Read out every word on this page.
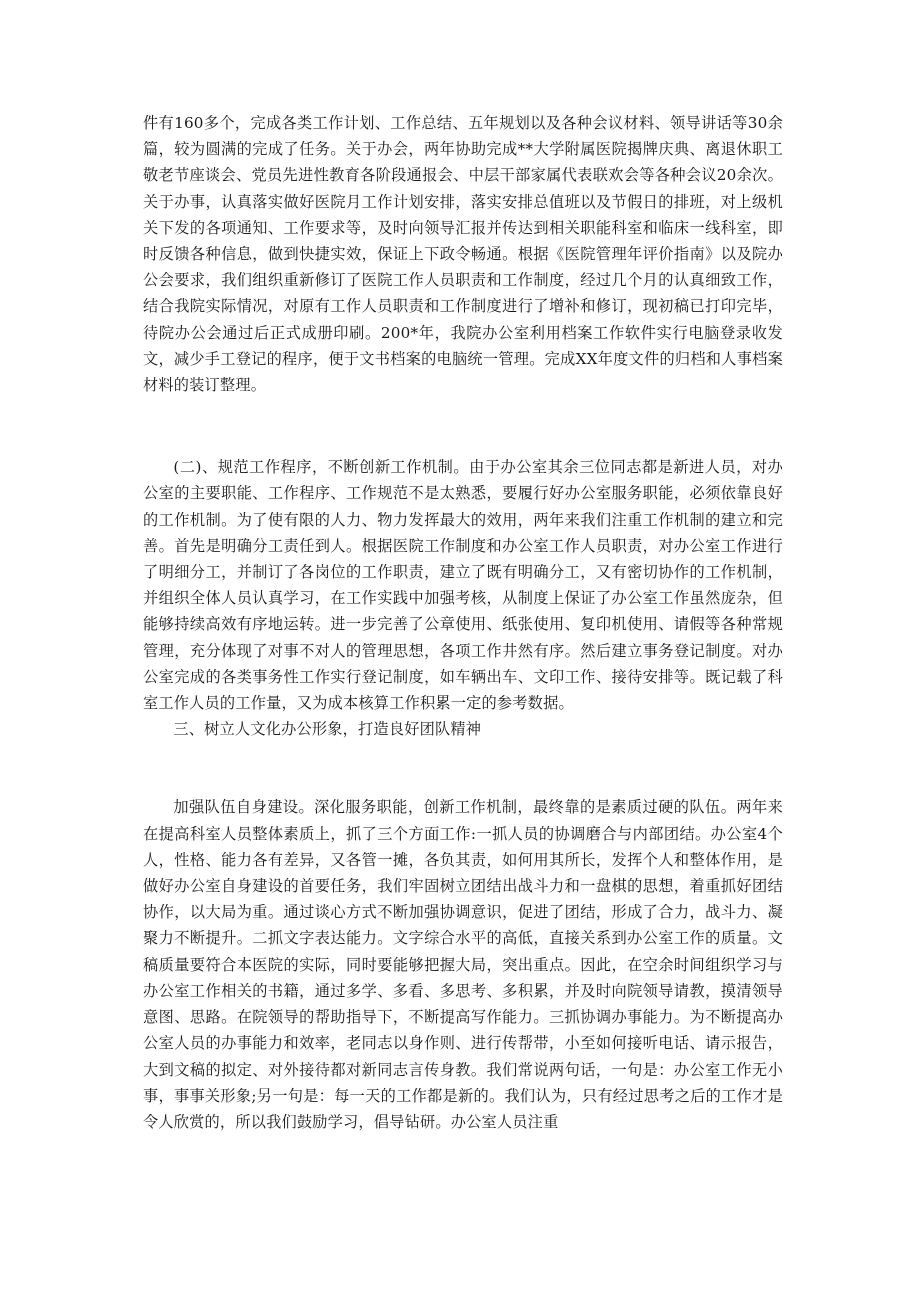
件有160多个，完成各类工作计划、工作总结、五年规划以及各种会议材料、领导讲话等30余篇，较为圆满的完成了任务。关于办会，两年协助完成**大学附属医院揭牌庆典、离退休职工敬老节座谈会、党员先进性教育各阶段通报会、中层干部家属代表联欢会等各种会议20余次。关于办事，认真落实做好医院月工作计划安排，落实安排总值班以及节假日的排班，对上级机关下发的各项通知、工作要求等，及时向领导汇报并传达到相关职能科室和临床一线科室，即时反馈各种信息，做到快捷实效，保证上下政令畅通。根据《医院管理年评价指南》以及院办公会要求，我们组织重新修订了医院工作人员职责和工作制度，经过几个月的认真细致工作，结合我院实际情况，对原有工作人员职责和工作制度进行了增补和修订，现初稿已打印完毕，待院办公会通过后正式成册印刷。200*年，我院办公室利用档案工作软件实行电脑登录收发文，减少手工登记的程序，便于文书档案的电脑统一管理。完成XX年度文件的归档和人事档案材料的装订整理。

(二)、规范工作程序，不断创新工作机制。由于办公室其余三位同志都是新进人员，对办公室的主要职能、工作程序、工作规范不是太熟悉，要履行好办公室服务职能，必须依靠良好的工作机制。为了使有限的人力、物力发挥最大的效用，两年来我们注重工作机制的建立和完善。首先是明确分工责任到人。根据医院工作制度和办公室工作人员职责，对办公室工作进行了明细分工，并制订了各岗位的工作职责，建立了既有明确分工，又有密切协作的工作机制，并组织全体人员认真学习，在工作实践中加强考核，从制度上保证了办公室工作虽然庞杂，但能够持续高效有序地运转。进一步完善了公章使用、纸张使用、复印机使用、请假等各种常规管理，充分体现了对事不对人的管理思想，各项工作井然有序。然后建立事务登记制度。对办公室完成的各类事务性工作实行登记制度，如车辆出车、文印工作、接待安排等。既记载了科室工作人员的工作量，又为成本核算工作积累一定的参考数据。

三、树立人文化办公形象，打造良好团队精神

加强队伍自身建设。深化服务职能，创新工作机制，最终靠的是素质过硬的队伍。两年来在提高科室人员整体素质上，抓了三个方面工作:一抓人员的协调磨合与内部团结。办公室4个人，性格、能力各有差异，又各管一摊，各负其责，如何用其所长，发挥个人和整体作用，是做好办公室自身建设的首要任务，我们牢固树立团结出战斗力和一盘棋的思想，着重抓好团结协作，以大局为重。通过谈心方式不断加强协调意识，促进了团结，形成了合力，战斗力、凝聚力不断提升。二抓文字表达能力。文字综合水平的高低，直接关系到办公室工作的质量。文稿质量要符合本医院的实际，同时要能够把握大局，突出重点。因此，在空余时间组织学习与办公室工作相关的书籍，通过多学、多看、多思考、多积累，并及时向院领导请教，摸清领导意图、思路。在院领导的帮助指导下，不断提高写作能力。三抓协调办事能力。为不断提高办公室人员的办事能力和效率，老同志以身作则、进行传帮带，小至如何接听电话、请示报告，大到文稿的拟定、对外接待都对新同志言传身教。我们常说两句话，一句是：办公室工作无小事，事事关形象;另一句是：每一天的工作都是新的。我们认为，只有经过思考之后的工作才是令人欣赏的，所以我们鼓励学习，倡导钻研。办公室人员注重
